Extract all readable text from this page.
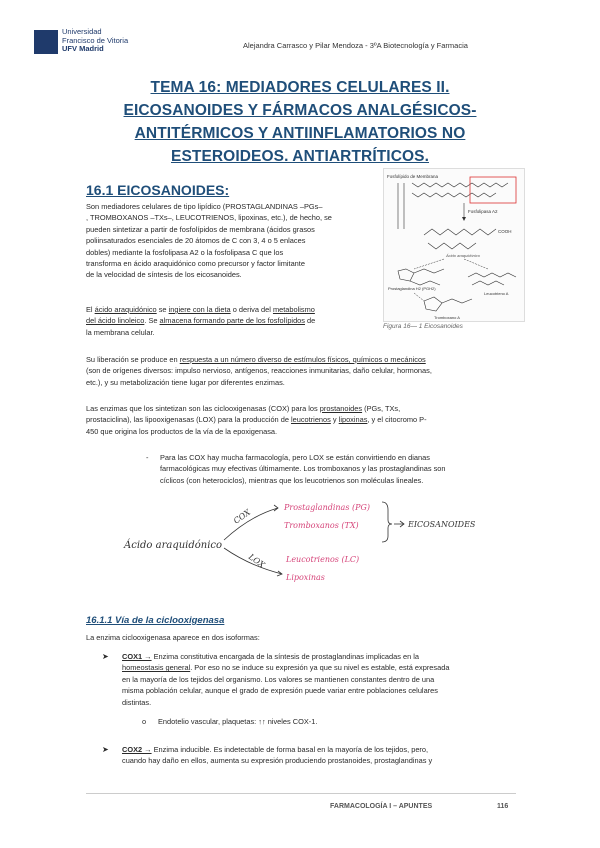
Universidad
Francisco de Vitoria
UFV Madrid	Alejandra Carrasco y Pilar Mendoza - 3ºA Biotecnología y Farmacia
TEMA 16: MEDIADORES CELULARES II.
EICOSANOIDES Y FÁRMACOS ANALGÉSICOS-
ANTITÉRMICOS Y ANTIINFLAMATORIOS NO
ESTEROIDEOS. ANTIARTRÍTICOS.
16.1 EICOSANOIDES:
Son mediadores celulares de tipo lipídico (PROSTAGLANDINAS –PGs–
, TROMBOXANOS –TXs–, LEUCOTRIENOS, lipoxinas, etc.), de hecho, se
pueden sintetizar a partir de fosfolípidos de membrana (ácidos grasos
poliinsaturados esenciales de 20 átomos de C con 3, 4 o 5 enlaces
dobles) mediante la fosfolipasa A2 o la fosfolipasa C que los
transforma en ácido araquidónico como precursor y factor limitante
de la velocidad de síntesis de los eicosanoides.
El ácido araquidónico se ingiere con la dieta o deriva del metabolismo
del ácido linoleico. Se almacena formando parte de los fosfolípidos de
la membrana celular.
Fosfolípido de Membrana
Fosfolipasa A2
COOH
Ácido araquidónico
Prostaglandina H2 (PGH2)
Leucotrieno A
Tromboxano A
Figura 16— 1 Eicosanoides
Su liberación se produce en respuesta a un número diverso de estímulos físicos, químicos o mecánicos
(son de orígenes diversos: impulso nervioso, antígenos, reacciones inmunitarias, daño celular, hormonas,
etc.), y su metabolización tiene lugar por diferentes enzimas.
Las enzimas que los sintetizan son las ciclooxigenasas (COX) para los prostanoides (PGs, TXs,
prostaciclina), las lipooxigenasas (LOX) para la producción de leucotrienos y lipoxinas, y el citocromo P-
450 que origina los productos de la vía de la epoxigenasa.
- Para las COX hay mucha farmacología, pero LOX se están convirtiendo en dianas
farmacológicas muy efectivas últimamente. Los tromboxanos y las prostaglandinas son
cíclicos (con heterociclos), mientras que los leucotrienos son moléculas lineales.
Ácido araquidónico
COX
LOX
Prostaglandinas (PG)
Tromboxanos (TX)	EICOSANOIDES
Leucotrienos (LC)
Lipoxinas
16.1.1 Vía de la ciclooxigenasa
La enzima ciclooxigenasa aparece en dos isoformas:
➤ COX1 → Enzima constitutiva encargada de la síntesis de prostaglandinas implicadas en la
homeostasis general. Por eso no se induce su expresión ya que su nivel es estable, está expresada
en la mayoría de los tejidos del organismo. Los valores se mantienen constantes dentro de una
misma población celular, aunque el grado de expresión puede variar entre poblaciones celulares
distintas.
o Endotelio vascular, plaquetas: ↑↑ niveles COX-1.
➤ COX2 → Enzima inducible. Es indetectable de forma basal en la mayoría de los tejidos, pero,
cuando hay daño en ellos, aumenta su expresión produciendo prostanoides, prostaglandinas y
FARMACOLOGÍA I – APUNTES	116
